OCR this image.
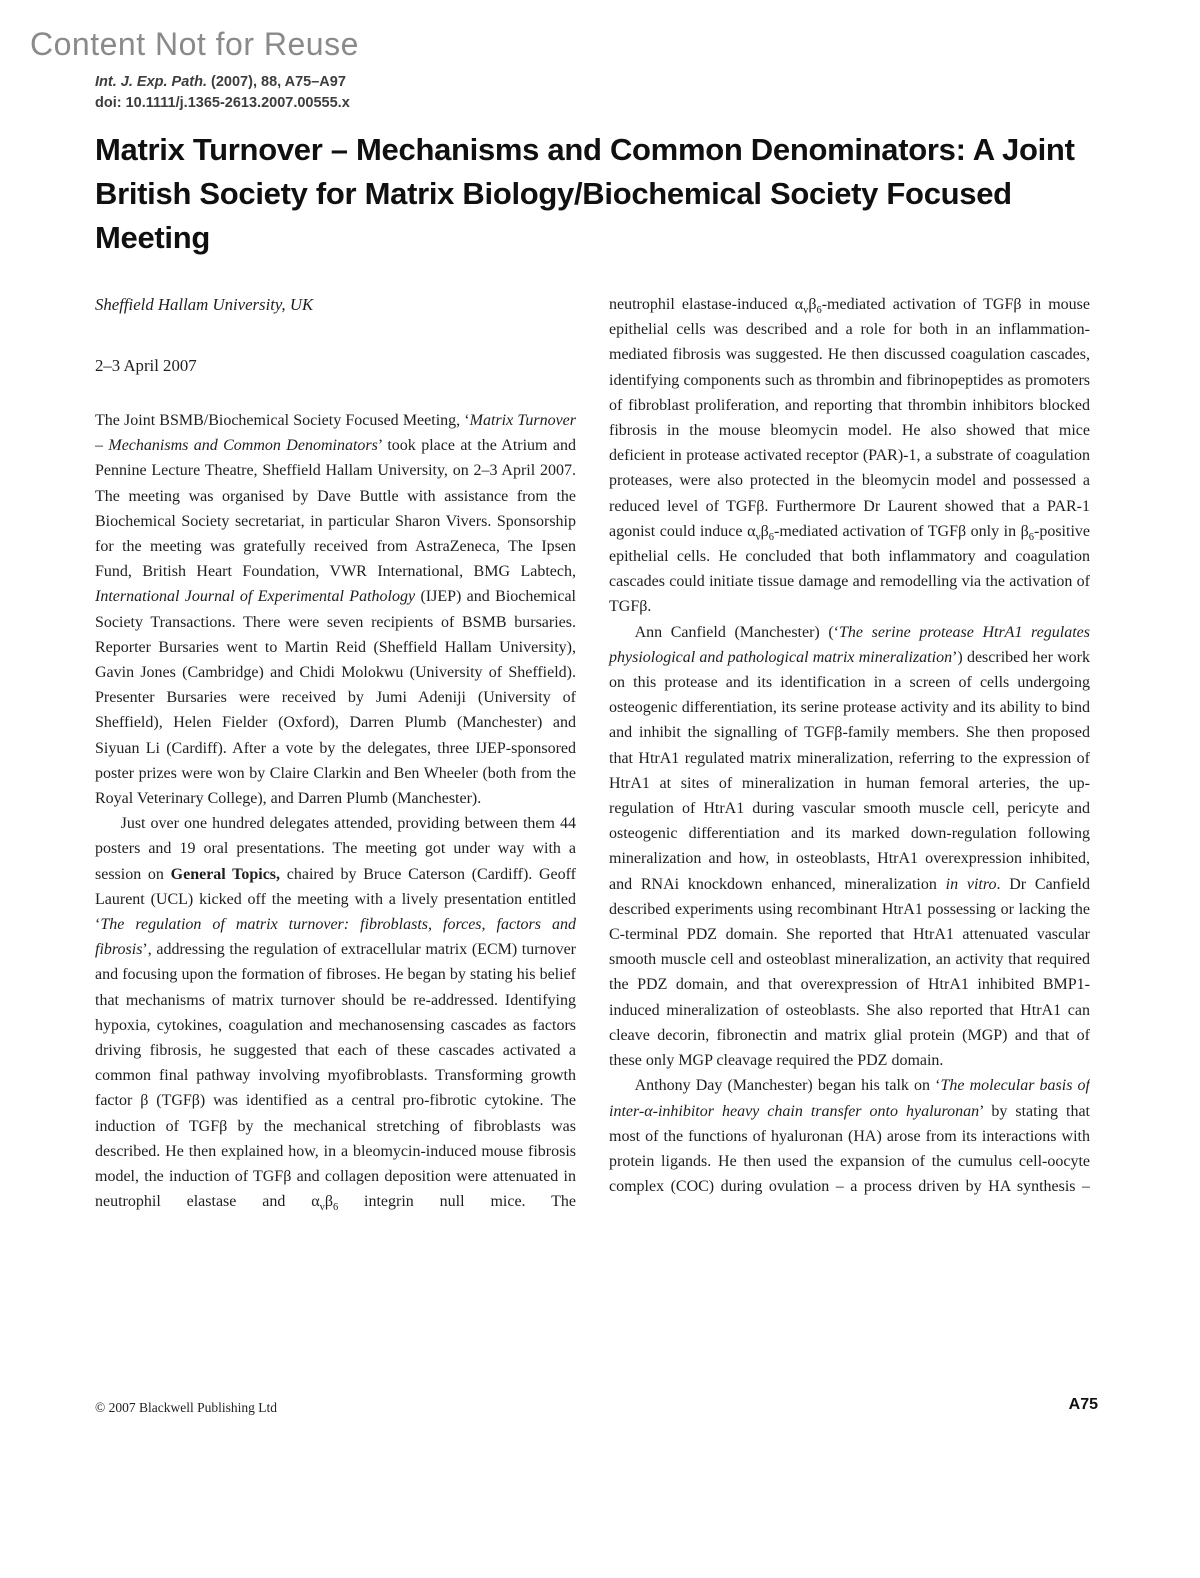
Content Not for Reuse
Int. J. Exp. Path. (2007), 88, A75–A97
doi: 10.1111/j.1365-2613.2007.00555.x
Matrix Turnover – Mechanisms and Common Denominators: A Joint British Society for Matrix Biology/Biochemical Society Focused Meeting

Sheffield Hallam University, UK

2–3 April 2007

The Joint BSMB/Biochemical Society Focused Meeting, ‘Matrix Turnover – Mechanisms and Common Denominators’ took place at the Atrium and Pennine Lecture Theatre, Sheffield Hallam University, on 2–3 April 2007. The meeting was organised by Dave Buttle with assistance from the Biochemical Society secretariat, in particular Sharon Vivers. Sponsorship for the meeting was gratefully received from AstraZeneca, The Ipsen Fund, British Heart Foundation, VWR International, BMG Labtech, International Journal of Experimental Pathology (IJEP) and Biochemical Society Transactions. There were seven recipients of BSMB bursaries. Reporter Bursaries went to Martin Reid (Sheffield Hallam University), Gavin Jones (Cambridge) and Chidi Molokwu (University of Sheffield). Presenter Bursaries were received by Jumi Adeniji (University of Sheffield), Helen Fielder (Oxford), Darren Plumb (Manchester) and Siyuan Li (Cardiff). After a vote by the delegates, three IJEP-sponsored poster prizes were won by Claire Clarkin and Ben Wheeler (both from the Royal Veterinary College), and Darren Plumb (Manchester).

Just over one hundred delegates attended, providing between them 44 posters and 19 oral presentations. The meeting got under way with a session on General Topics, chaired by Bruce Caterson (Cardiff). Geoff Laurent (UCL) kicked off the meeting with a lively presentation entitled ‘The regulation of matrix turnover: fibroblasts, forces, factors and fibrosis’, addressing the regulation of extracellular matrix (ECM) turnover and focusing upon the formation of fibroses. He began by stating his belief that mechanisms of matrix turnover should be re-addressed. Identifying hypoxia, cytokines, coagulation and mechanosensing cascades as factors driving fibrosis, he suggested that each of these cascades activated a common final pathway involving myofibroblasts. Transforming growth factor β (TGFβ) was identified as a central pro-fibrotic cytokine. The induction of TGFβ by the mechanical stretching of fibroblasts was described. He then explained how, in a bleomycin-induced mouse fibrosis model, the induction of TGFβ and collagen deposition were attenuated in neutrophil elastase and $\alpha_v\beta_6$ integrin null mice. The

neutrophil elastase-induced $\alpha_v\beta_6$-mediated activation of TGFβ in mouse epithelial cells was described and a role for both in an inflammation-mediated fibrosis was suggested. He then discussed coagulation cascades, identifying components such as thrombin and fibrinopeptides as promoters of fibroblast proliferation, and reporting that thrombin inhibitors blocked fibrosis in the mouse bleomycin model. He also showed that mice deficient in protease activated receptor (PAR)-1, a substrate of coagulation proteases, were also protected in the bleomycin model and possessed a reduced level of TGFβ. Furthermore Dr Laurent showed that a PAR-1 agonist could induce $\alpha_v\beta_6$-mediated activation of TGFβ only in $\beta_6$-positive epithelial cells. He concluded that both inflammatory and coagulation cascades could initiate tissue damage and remodelling via the activation of TGFβ.

Ann Canfield (Manchester) (‘The serine protease HtrA1 regulates physiological and pathological matrix mineralization’) described her work on this protease and its identification in a screen of cells undergoing osteogenic differentiation, its serine protease activity and its ability to bind and inhibit the signalling of TGFβ-family members. She then proposed that HtrA1 regulated matrix mineralization, referring to the expression of HtrA1 at sites of mineralization in human femoral arteries, the up-regulation of HtrA1 during vascular smooth muscle cell, pericyte and osteogenic differentiation and its marked down-regulation following mineralization and how, in osteoblasts, HtrA1 overexpression inhibited, and RNAi knockdown enhanced, mineralization in vitro. Dr Canfield described experiments using recombinant HtrA1 possessing or lacking the C-terminal PDZ domain. She reported that HtrA1 attenuated vascular smooth muscle cell and osteoblast mineralization, an activity that required the PDZ domain, and that overexpression of HtrA1 inhibited BMP1-induced mineralization of osteoblasts. She also reported that HtrA1 can cleave decorin, fibronectin and matrix glial protein (MGP) and that of these only MGP cleavage required the PDZ domain.

Anthony Day (Manchester) began his talk on ‘The molecular basis of inter-α-inhibitor heavy chain transfer onto hyaluronan’ by stating that most of the functions of hyaluronan (HA) arose from its interactions with protein ligands. He then used the expansion of the cumulus cell-oocyte complex (COC) during ovulation – a process driven by HA synthesis –

© 2007 Blackwell Publishing Ltd	A75
